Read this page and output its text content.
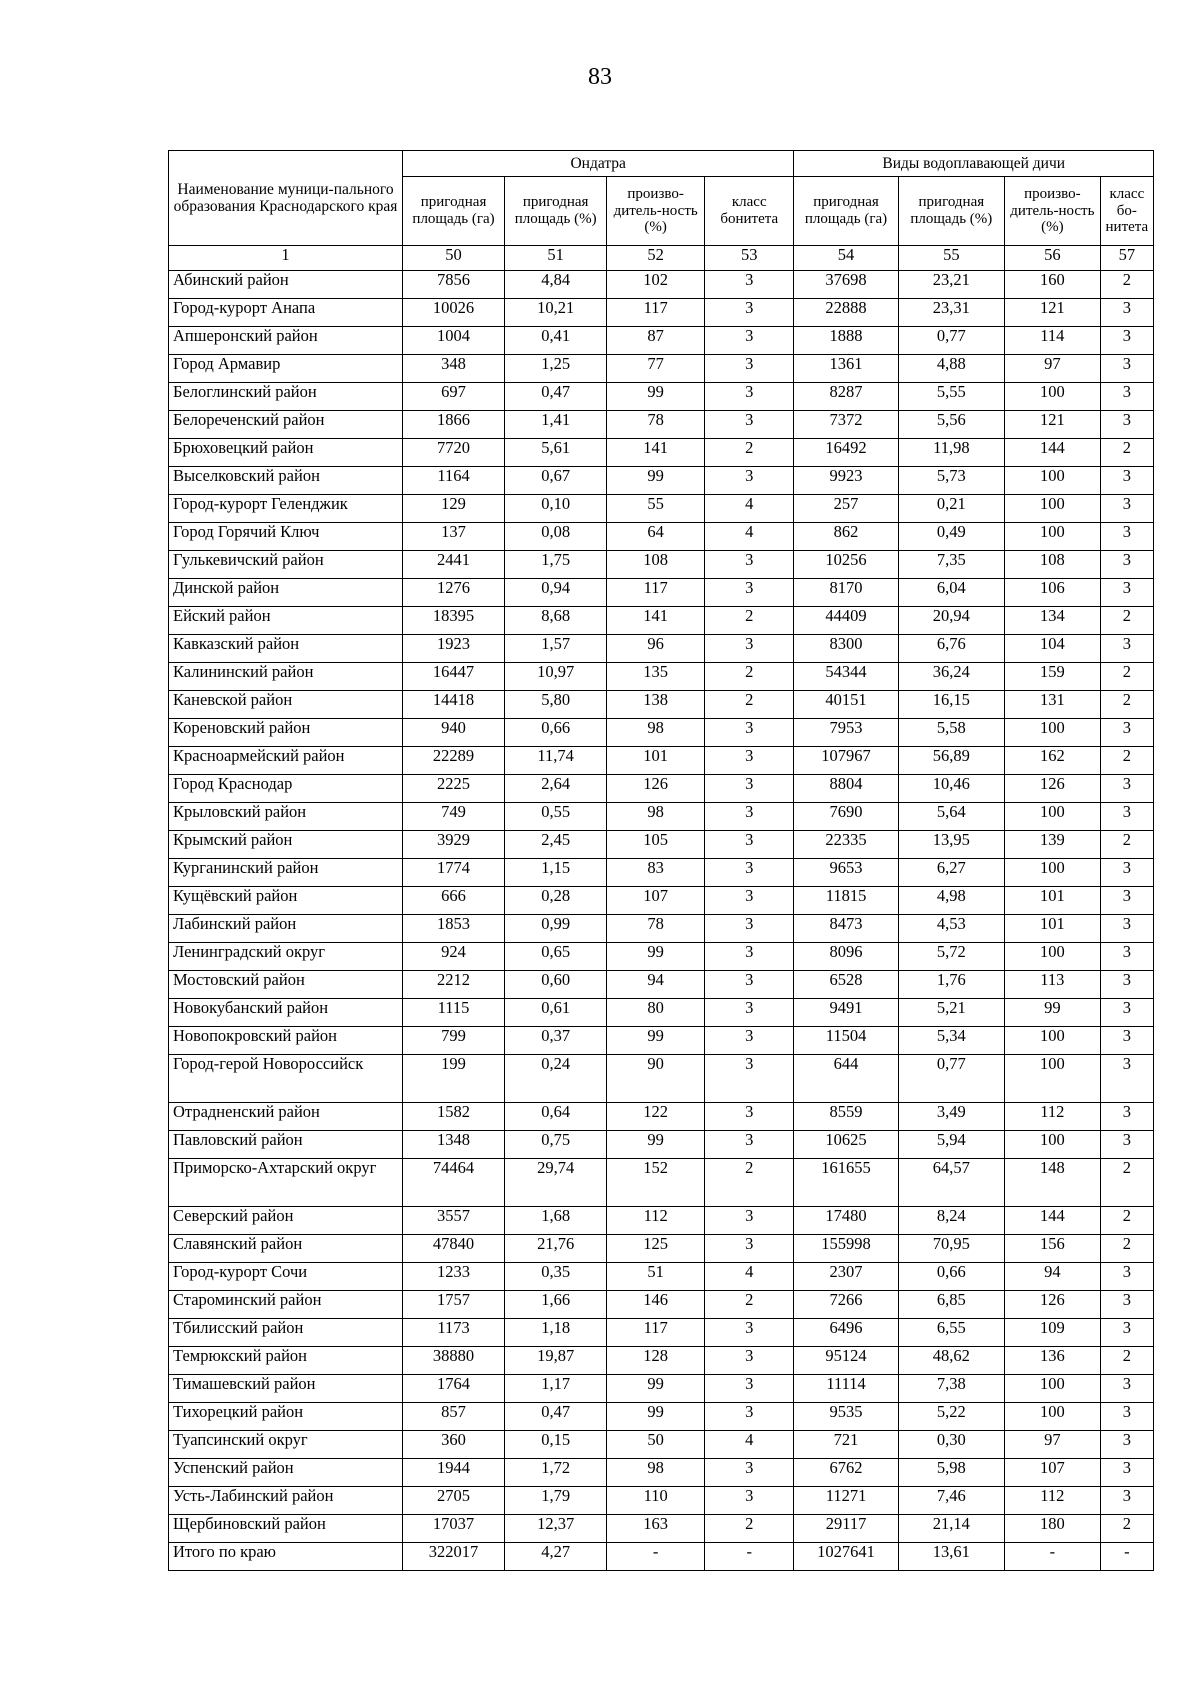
83
Наименование муници-пального образования Краснодарского края	Ондатра				Виды водоплавающей дичи			
	пригодная площадь (га)	пригодная площадь (%)	произво-дитель-ность (%)	класс бонитета	пригодная площадь (га)	пригодная площадь (%)	произво-дитель-ность (%)	класс бо-нитета
1	50	51	52	53	54	55	56	57
Абинский район	7856	4,84	102	3	37698	23,21	160	2
Город-курорт Анапа	10026	10,21	117	3	22888	23,31	121	3
Апшеронский район	1004	0,41	87	3	1888	0,77	114	3
Город Армавир	348	1,25	77	3	1361	4,88	97	3
Белоглинский район	697	0,47	99	3	8287	5,55	100	3
Белореченский район	1866	1,41	78	3	7372	5,56	121	3
Брюховецкий район	7720	5,61	141	2	16492	11,98	144	2
Выселковский район	1164	0,67	99	3	9923	5,73	100	3
Город-курорт Геленджик	129	0,10	55	4	257	0,21	100	3
Город Горячий Ключ	137	0,08	64	4	862	0,49	100	3
Гулькевичский район	2441	1,75	108	3	10256	7,35	108	3
Динской район	1276	0,94	117	3	8170	6,04	106	3
Ейский район	18395	8,68	141	2	44409	20,94	134	2
Кавказский район	1923	1,57	96	3	8300	6,76	104	3
Калининский район	16447	10,97	135	2	54344	36,24	159	2
Каневской район	14418	5,80	138	2	40151	16,15	131	2
Кореновский район	940	0,66	98	3	7953	5,58	100	3
Красноармейский район	22289	11,74	101	3	107967	56,89	162	2
Город Краснодар	2225	2,64	126	3	8804	10,46	126	3
Крыловский район	749	0,55	98	3	7690	5,64	100	3
Крымский район	3929	2,45	105	3	22335	13,95	139	2
Курганинский район	1774	1,15	83	3	9653	6,27	100	3
Кущёвский район	666	0,28	107	3	11815	4,98	101	3
Лабинский район	1853	0,99	78	3	8473	4,53	101	3
Ленинградский округ	924	0,65	99	3	8096	5,72	100	3
Мостовский район	2212	0,60	94	3	6528	1,76	113	3
Новокубанский район	1115	0,61	80	3	9491	5,21	99	3
Новопокровский район	799	0,37	99	3	11504	5,34	100	3
Город-герой Новороссийск	199	0,24	90	3	644	0,77	100	3
Отрадненский район	1582	0,64	122	3	8559	3,49	112	3
Павловский район	1348	0,75	99	3	10625	5,94	100	3
Приморско-Ахтарский округ	74464	29,74	152	2	161655	64,57	148	2
Северский район	3557	1,68	112	3	17480	8,24	144	2
Славянский район	47840	21,76	125	3	155998	70,95	156	2
Город-курорт Сочи	1233	0,35	51	4	2307	0,66	94	3
Староминский район	1757	1,66	146	2	7266	6,85	126	3
Тбилисский район	1173	1,18	117	3	6496	6,55	109	3
Темрюкский район	38880	19,87	128	3	95124	48,62	136	2
Тимашевский район	1764	1,17	99	3	11114	7,38	100	3
Тихорецкий район	857	0,47	99	3	9535	5,22	100	3
Туапсинский округ	360	0,15	50	4	721	0,30	97	3
Успенский район	1944	1,72	98	3	6762	5,98	107	3
Усть-Лабинский район	2705	1,79	110	3	11271	7,46	112	3
Щербиновский район	17037	12,37	163	2	29117	21,14	180	2
Итого по краю	322017	4,27	-	-	1027641	13,61	-	-
